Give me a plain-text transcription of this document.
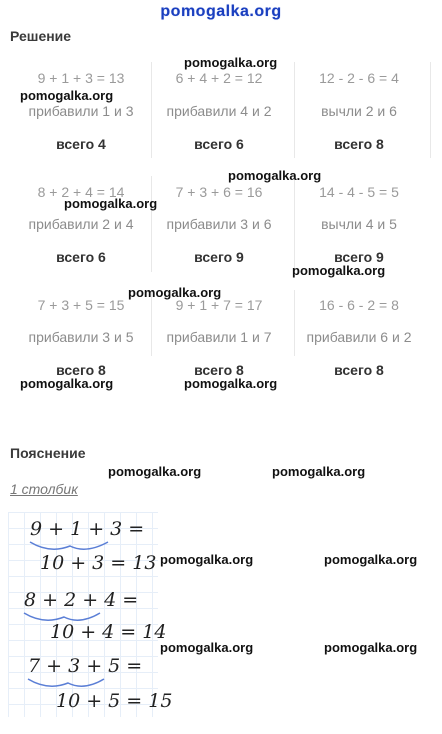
pomogalka.org
Решение
9 + 1 + 3 = 13	6 + 4 + 2 = 12	12 - 2 - 6 = 4
прибавили 1 и 3	прибавили 4 и 2	вычли 2 и 6
всего 4	всего 6	всего 8
8 + 2 + 4 = 14	7 + 3 + 6 = 16	14 - 4 - 5 = 5
прибавили 2 и 4	прибавили 3 и 6	вычли 4 и 5
всего 6	всего 9	всего 9
7 + 3 + 5 = 15	9 + 1 + 7 = 17	16 - 6 - 2 = 8
прибавили 3 и 5	прибавили 1 и 7	прибавили 6 и 2
всего 8	всего 8	всего 8
Пояснение
1 столбик
9 + 1 + 3 =
10 + 3 = 13
8 + 2 + 4 =
10 + 4 = 14
7 + 3 + 5 =
10 + 5 = 15
pomogalka.org
pomogalka.org
pomogalka.org
pomogalka.org
pomogalka.org
pomogalka.org
pomogalka.org	pomogalka.org
pomogalka.org	pomogalka.org
pomogalka.org	pomogalka.org
pomogalka.org	pomogalka.org
